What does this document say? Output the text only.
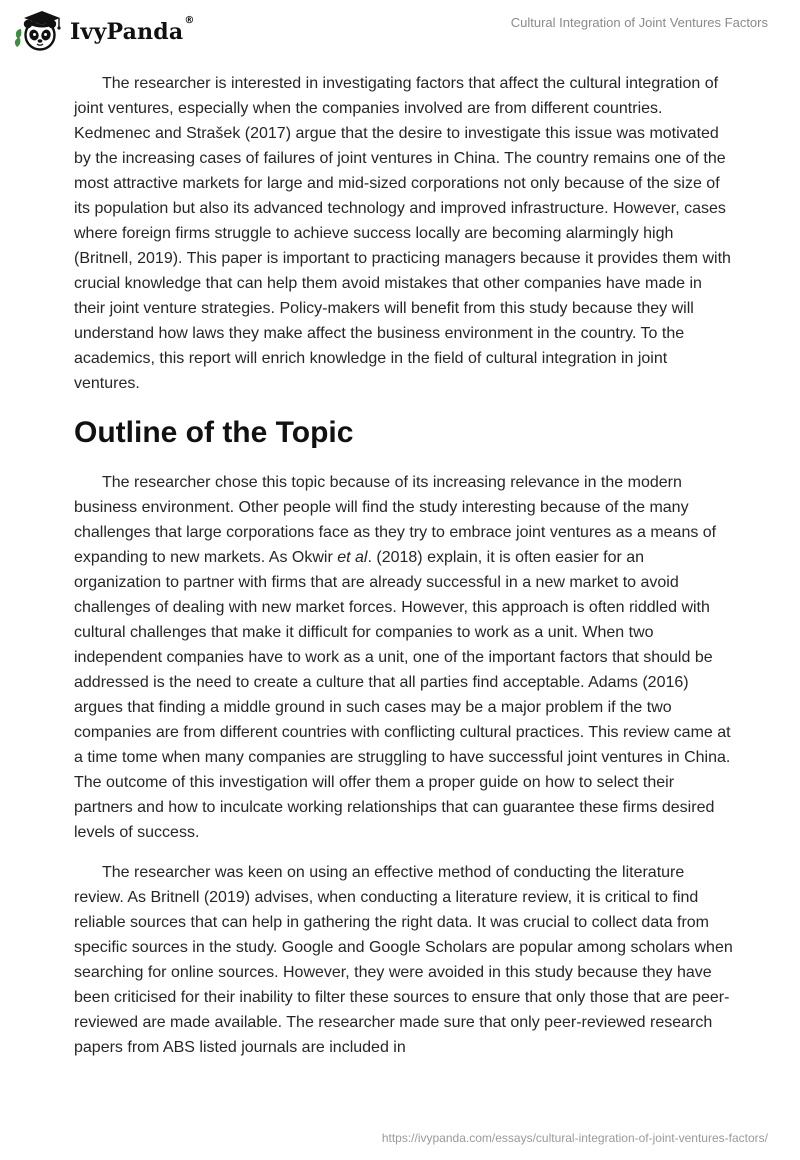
IvyPanda®	Cultural Integration of Joint Ventures Factors

The researcher is interested in investigating factors that affect the cultural integration of joint ventures, especially when the companies involved are from different countries. Kedmenec and Strašek (2017) argue that the desire to investigate this issue was motivated by the increasing cases of failures of joint ventures in China. The country remains one of the most attractive markets for large and mid-sized corporations not only because of the size of its population but also its advanced technology and improved infrastructure. However, cases where foreign firms struggle to achieve success locally are becoming alarmingly high (Britnell, 2019). This paper is important to practicing managers because it provides them with crucial knowledge that can help them avoid mistakes that other companies have made in their joint venture strategies. Policy-makers will benefit from this study because they will understand how laws they make affect the business environment in the country. To the academics, this report will enrich knowledge in the field of cultural integration in joint ventures.

Outline of the Topic

The researcher chose this topic because of its increasing relevance in the modern business environment. Other people will find the study interesting because of the many challenges that large corporations face as they try to embrace joint ventures as a means of expanding to new markets. As Okwir et al. (2018) explain, it is often easier for an organization to partner with firms that are already successful in a new market to avoid challenges of dealing with new market forces. However, this approach is often riddled with cultural challenges that make it difficult for companies to work as a unit. When two independent companies have to work as a unit, one of the important factors that should be addressed is the need to create a culture that all parties find acceptable. Adams (2016) argues that finding a middle ground in such cases may be a major problem if the two companies are from different countries with conflicting cultural practices. This review came at a time tome when many companies are struggling to have successful joint ventures in China. The outcome of this investigation will offer them a proper guide on how to select their partners and how to inculcate working relationships that can guarantee these firms desired levels of success.

The researcher was keen on using an effective method of conducting the literature review. As Britnell (2019) advises, when conducting a literature review, it is critical to find reliable sources that can help in gathering the right data. It was crucial to collect data from specific sources in the study. Google and Google Scholars are popular among scholars when searching for online sources. However, they were avoided in this study because they have been criticised for their inability to filter these sources to ensure that only those that are peer-reviewed are made available. The researcher made sure that only peer-reviewed research papers from ABS listed journals are included in

https://ivypanda.com/essays/cultural-integration-of-joint-ventures-factors/
